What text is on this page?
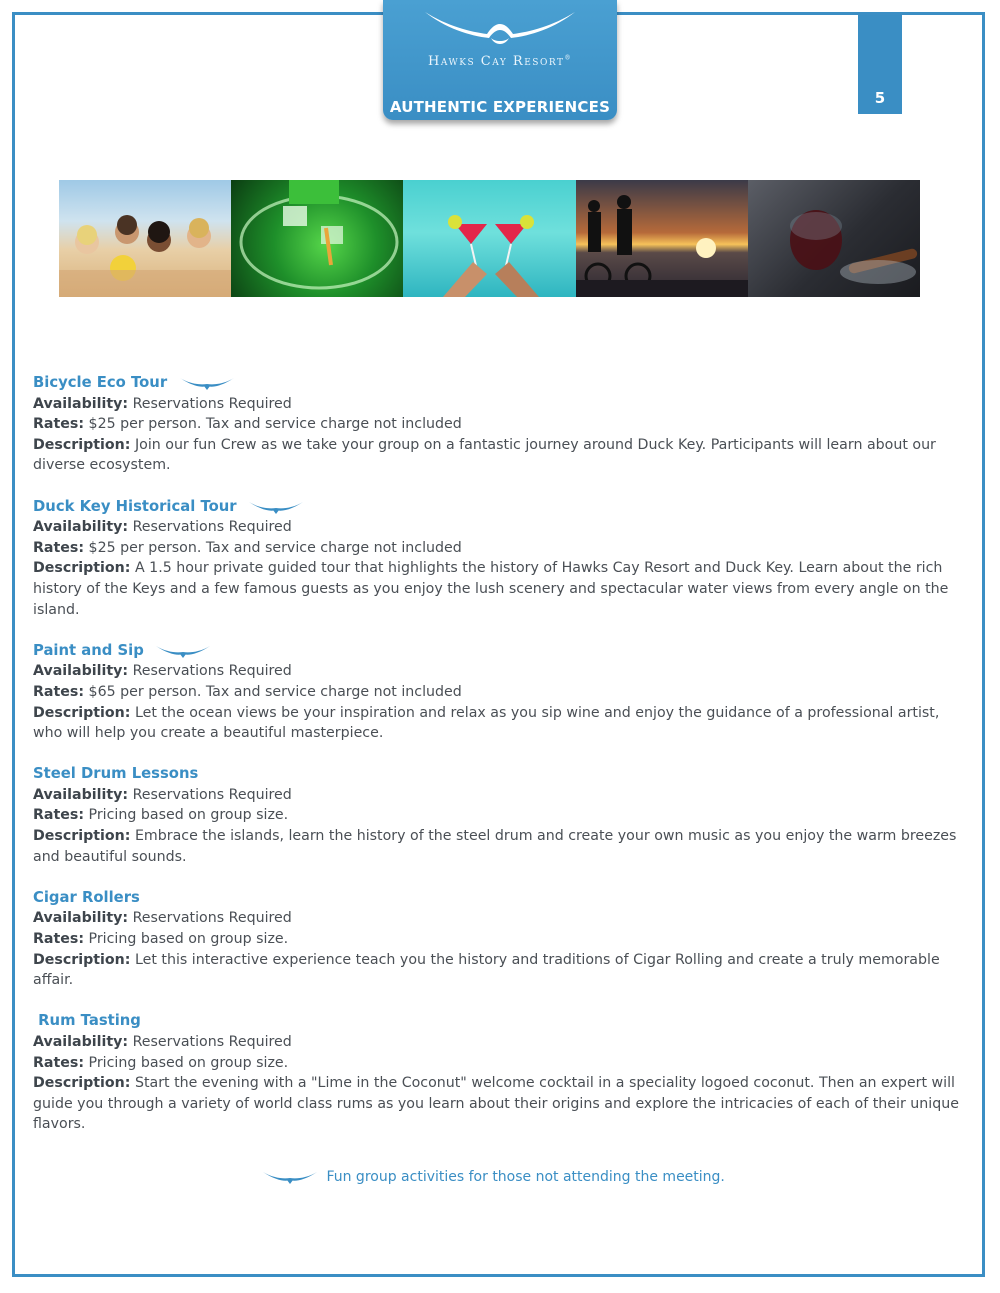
Hawks Cay Resort®
AUTHENTIC EXPERIENCES	5
Bicycle Eco Tour
Availability: Reservations Required
Rates: $25 per person. Tax and service charge not included
Description: Join our fun Crew as we take your group on a fantastic journey around Duck Key. Participants will learn about our diverse ecosystem.
Duck Key Historical Tour
Availability: Reservations Required
Rates: $25 per person. Tax and service charge not included
Description: A 1.5 hour private guided tour that highlights the history of Hawks Cay Resort and Duck Key. Learn about the rich history of the Keys and a few famous guests as you enjoy the lush scenery and spectacular water views from every angle on the island.
Paint and Sip
Availability: Reservations Required
Rates: $65 per person. Tax and service charge not included
Description: Let the ocean views be your inspiration and relax as you sip wine and enjoy the guidance of a professional artist, who will help you create a beautiful masterpiece.
Steel Drum Lessons
Availability: Reservations Required
Rates: Pricing based on group size.
Description: Embrace the islands, learn the history of the steel drum and create your own music as you enjoy the warm breezes and beautiful sounds.
Cigar Rollers
Availability: Reservations Required
Rates: Pricing based on group size.
Description: Let this interactive experience teach you the history and traditions of Cigar Rolling and create a truly memorable affair.
Rum Tasting
Availability: Reservations Required
Rates: Pricing based on group size.
Description: Start the evening with a "Lime in the Coconut" welcome cocktail in a speciality logoed coconut. Then an expert will guide you through a variety of world class rums as you learn about their origins and explore the intricacies of each of their unique flavors.
Fun group activities for those not attending the meeting.
